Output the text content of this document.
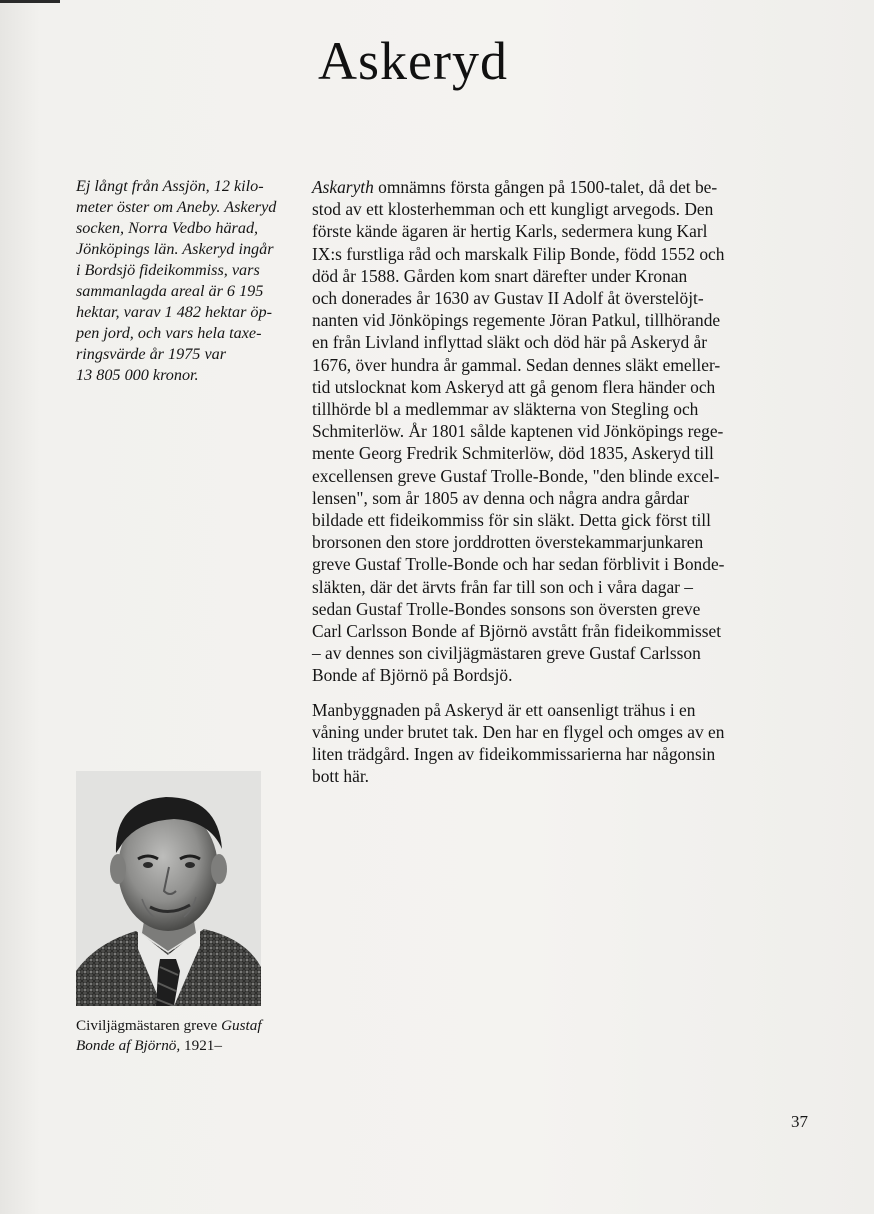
Askeryd

Ej långt från Assjön, 12 kilo-

meter öster om Aneby. Askeryd

socken, Norra Vedbo härad,

Jönköpings län. Askeryd ingår

i Bordsjö fideikommiss, vars

sammanlagda areal är 6 195

hektar, varav 1 482 hektar öp-

pen jord, och vars hela taxe-

ringsvärde år 1975 var

13 805 000 kronor.

Askaryth omnämns första gången på 1500-talet, då det be-
stod av ett klosterhemman och ett kungligt arvegods. Den
förste kände ägaren är hertig Karls, sedermera kung Karl
IX:s furstliga råd och marskalk Filip Bonde, född 1552 och
död år 1588. Gården kom snart därefter under Kronan
och donerades år 1630 av Gustav II Adolf åt överstelöjt-
nanten vid Jönköpings regemente Jöran Patkul, tillhörande
en från Livland inflyttad släkt och död här på Askeryd år
1676, över hundra år gammal. Sedan dennes släkt emeller-
tid utslocknat kom Askeryd att gå genom flera händer och
tillhörde bl a medlemmar av släkterna von Stegling och
Schmiterlöw. År 1801 sålde kaptenen vid Jönköpings rege-
mente Georg Fredrik Schmiterlöw, död 1835, Askeryd till
excellensen greve Gustaf Trolle-Bonde, "den blinde excel-
lensen", som år 1805 av denna och några andra gårdar
bildade ett fideikommiss för sin släkt. Detta gick först till
brorsonen den store jorddrotten överstekammarjunkaren
greve Gustaf Trolle-Bonde och har sedan förblivit i Bonde-
släkten, där det ärvts från far till son och i våra dagar –
sedan Gustaf Trolle-Bondes sonsons son översten greve
Carl Carlsson Bonde af Björnö avstått från fideikommisset
– av dennes son civiljägmästaren greve Gustaf Carlsson
Bonde af Björnö på Bordsjö.

Manbyggnaden på Askeryd är ett oansenligt trähus i en
våning under brutet tak. Den har en flygel och omges av en
liten trädgård. Ingen av fideikommissarierna har någonsin
bott här.

Civiljägmästaren greve Gustaf
Bonde af Björnö, 1921–
37
